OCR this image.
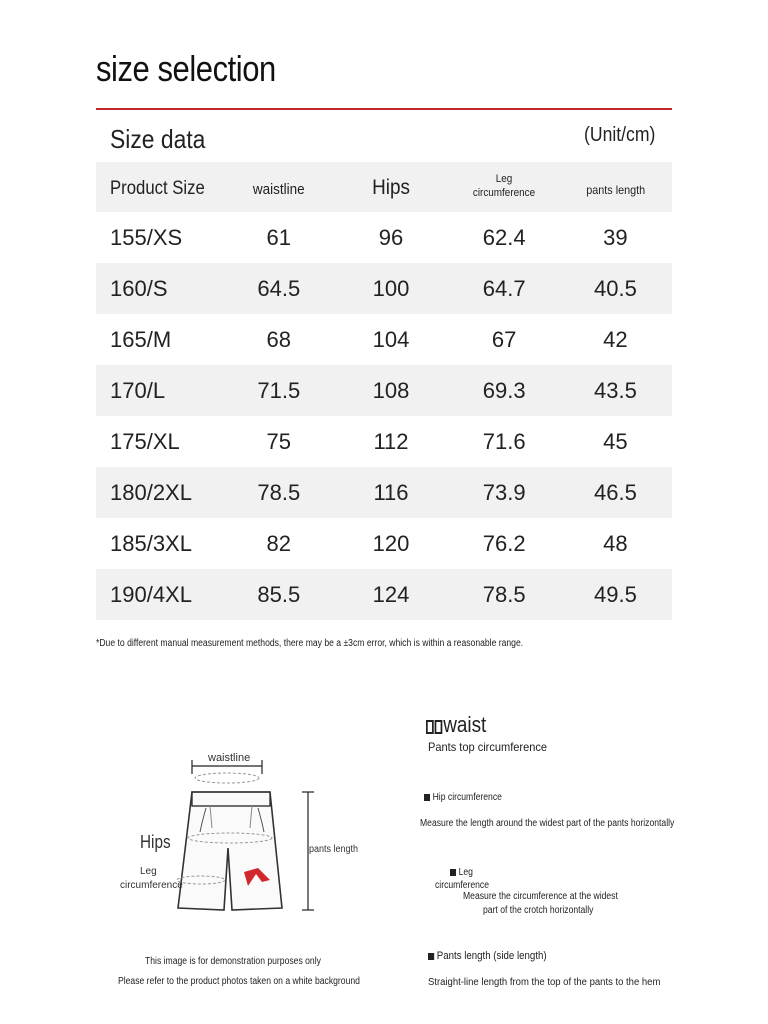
size selection
Size data	(Unit/cm)
Product Size	waistline	Hips	Leg circumference	pants length
155/XS	61	96	62.4	39
160/S	64.5	100	64.7	40.5
165/M	68	104	67	42
170/L	71.5	108	69.3	43.5
175/XL	75	112	71.6	45
180/2XL	78.5	116	73.9	46.5
185/3XL	82	120	76.2	48
190/4XL	85.5	124	78.5	49.5
*Due to different manual measurement methods, there may be a ±3cm error, which is within a reasonable range.
waistline
Hips
Leg
circumference
pants length
This image is for demonstration purposes only
Please refer to the product photos taken on a white background
waist
Pants top circumference
Hip circumference
Measure the length around the widest part of the pants horizontally
Leg
circumference
Measure the circumference at the widest
part of the crotch horizontally
Pants length (side length)
Straight-line length from the top of the pants to the hem
